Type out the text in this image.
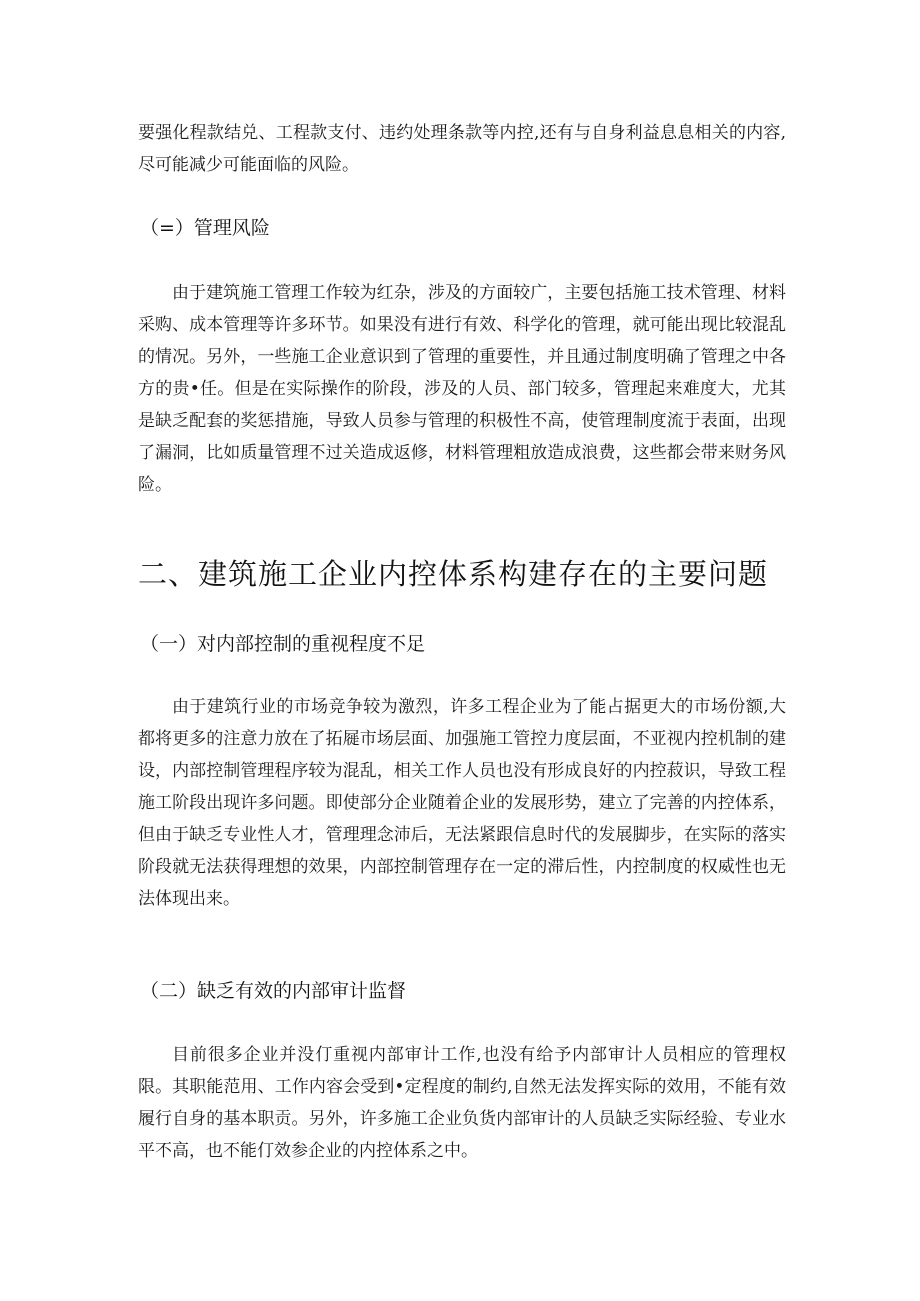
要强化程款结兑、工程款支付、违约处理条款等内控,还有与自身利益息息相关的内容,尽可能减少可能面临的风险。

（=）管理风险

由于建筑施工管理工作较为红杂，涉及的方面较广，主要包括施工技术管理、材料采购、成本管理等许多环节。如果没有进行有效、科学化的管理，就可能出现比较混乱的情况。另外，一些施工企业意识到了管理的重要性，并且通过制度明确了管理之中各方的贵•任。但是在实际操作的阶段，涉及的人员、部门较多，管理起来难度大，尤其是缺乏配套的奖惩措施，导致人员参与管理的积极性不高，使管理制度流于表面，出现了漏洞，比如质量管理不过关造成返修，材料管理粗放造成浪费，这些都会带来财务风险。

二、建筑施工企业内控体系构建存在的主要问题
（一）对内部控制的重视程度不足

由于建筑行业的市场竞争较为激烈，许多工程企业为了能占据更大的市场份额,大都将更多的注意力放在了拓屣市场层面、加强施工管控力度层面，不亚视内控机制的建设，内部控制管理程序较为混乱，相关工作人员也没有形成良好的内控菽识，导致工程施工阶段出现许多问题。即使部分企业随着企业的发展形势，建立了完善的内控体系，但由于缺乏专业性人才，管理理念沛后，无法紧跟信息时代的发展脚步，在实际的落实阶段就无法获得理想的效果，内部控制管理存在一定的滞后性，内控制度的权威性也无法体现出来。

（二）缺乏有效的内部审计监督

目前很多企业并没仃重视内部审计工作,也没有给予内部审计人员相应的管理权限。其职能范用、工作内容会受到•定程度的制约,自然无法发挥实际的效用，不能有效履行自身的基本职贡。另外，许多施工企业负货内部审计的人员缺乏实际经验、专业水平不高，也不能仃效参企业的内控体系之中。
